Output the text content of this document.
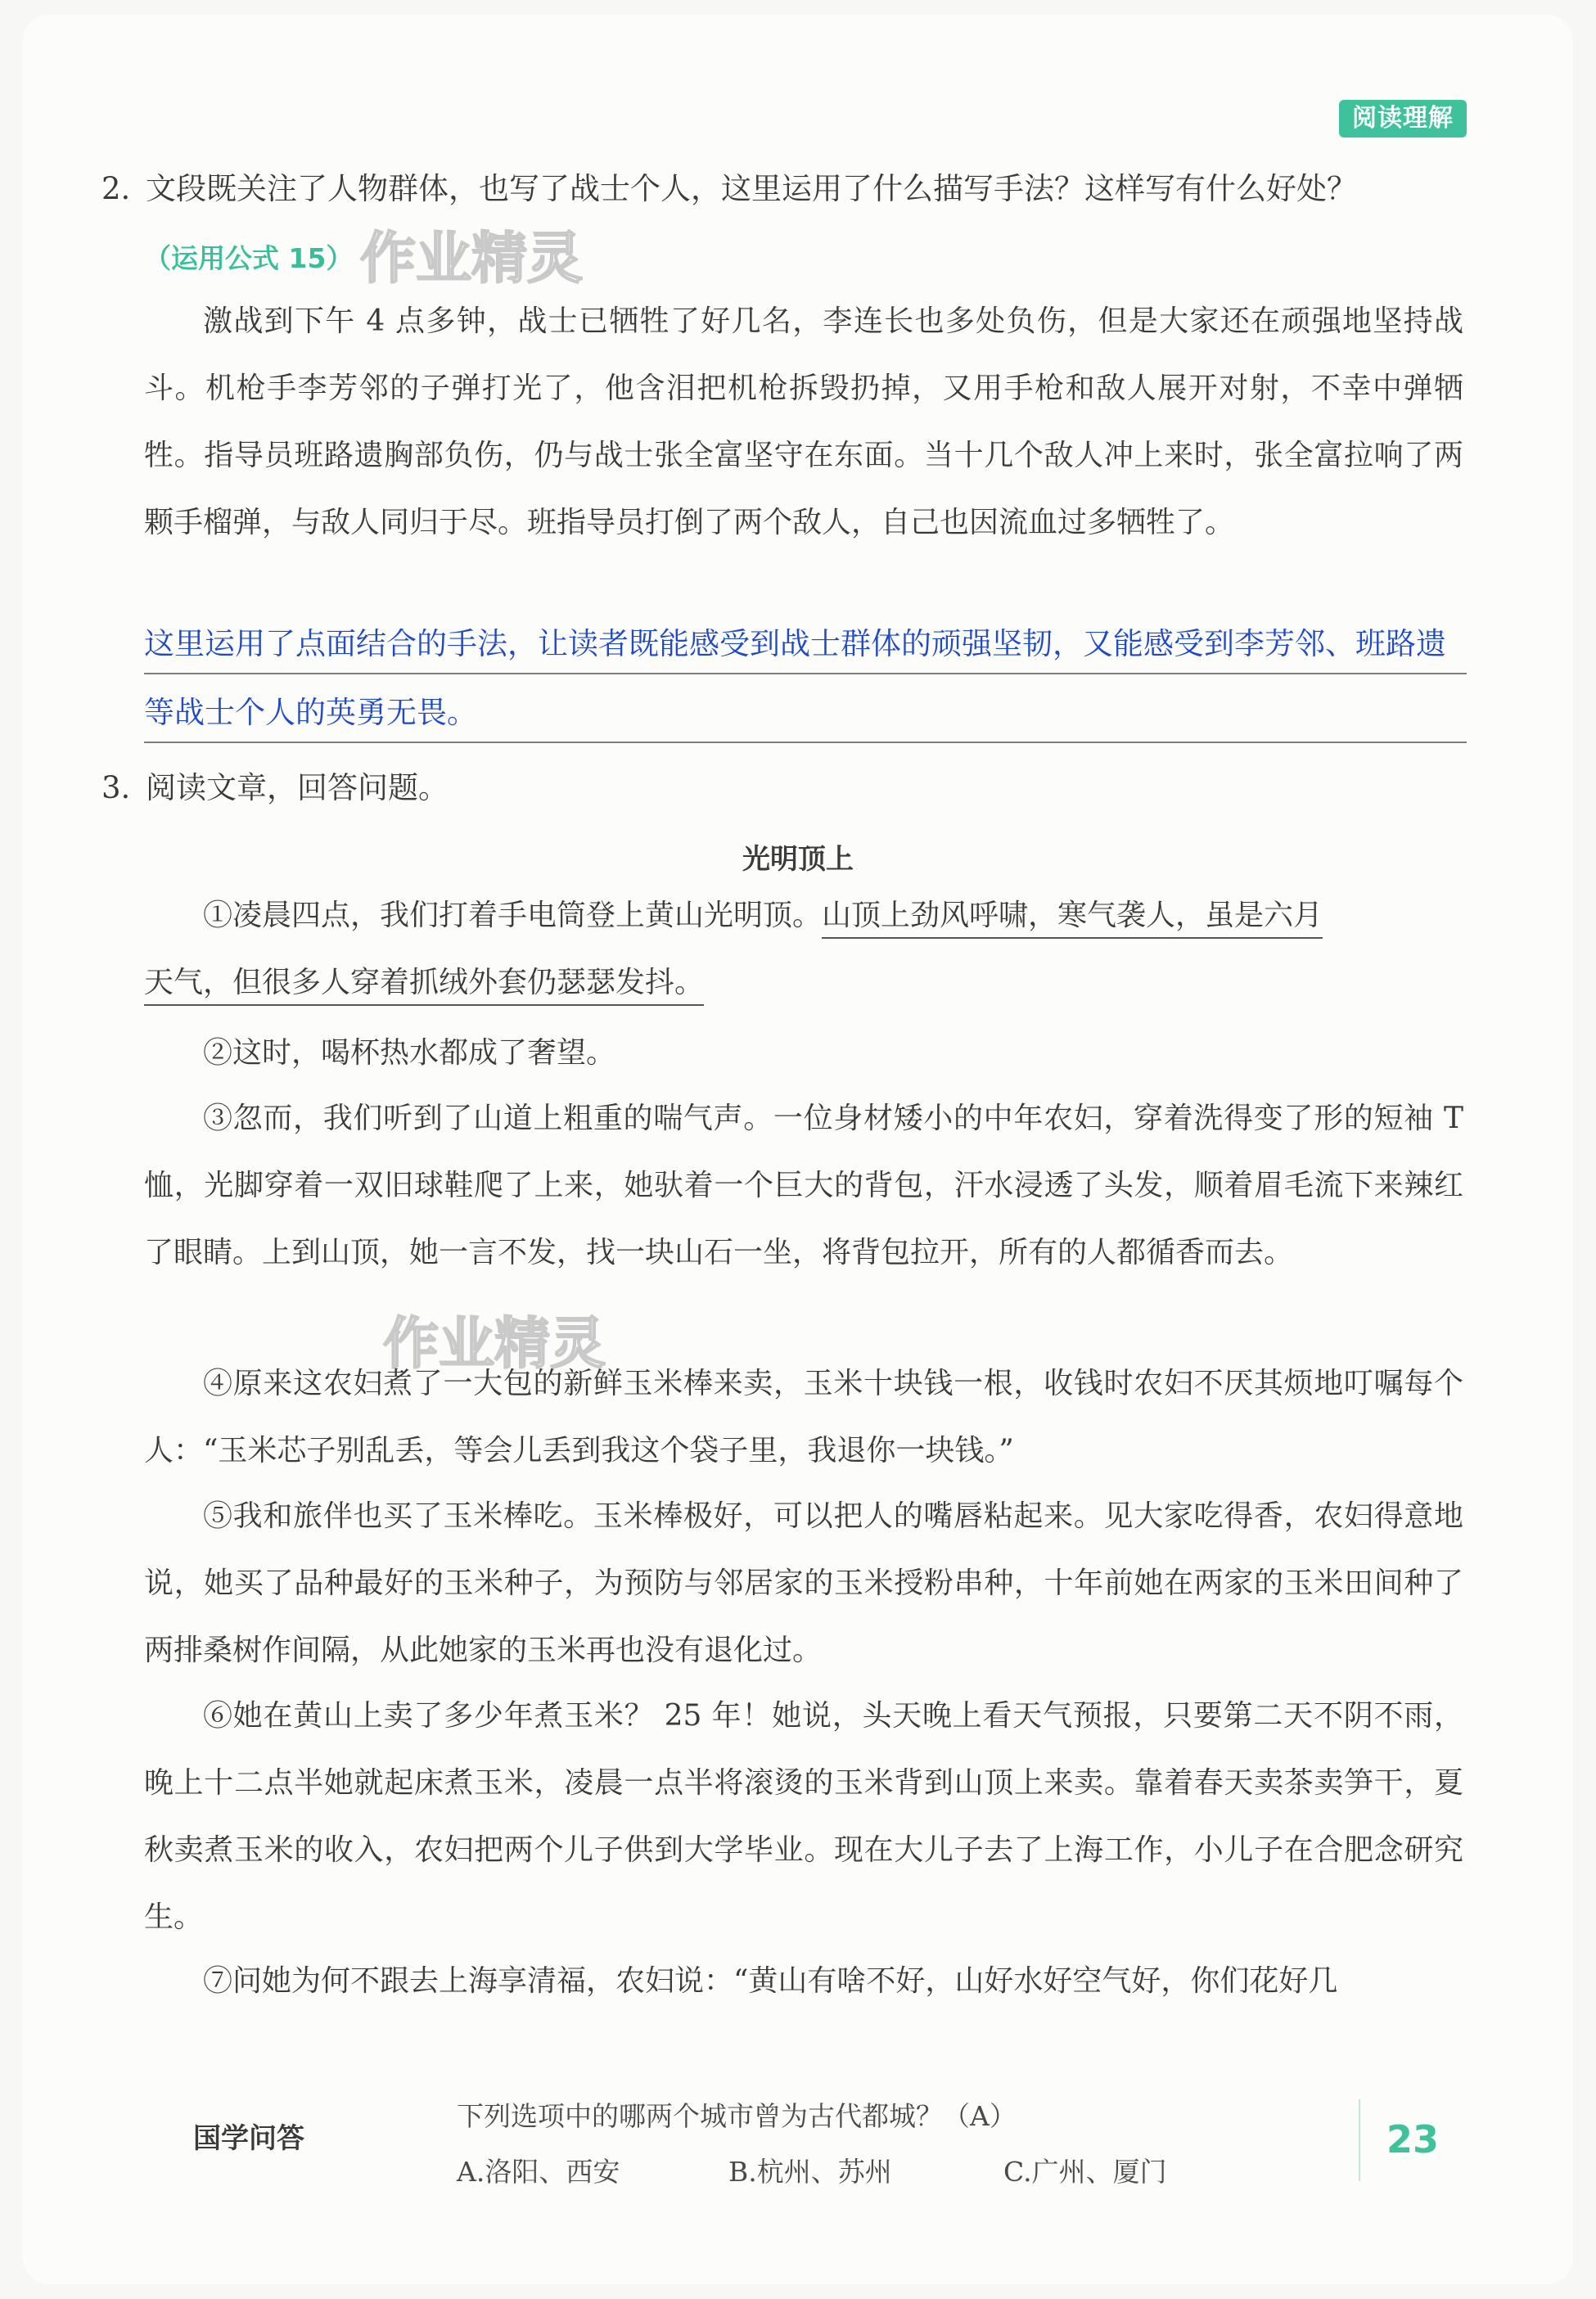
阅读理解
2. 文段既关注了人物群体，也写了战士个人，这里运用了什么描写手法？这样写有什么好处？
（运用公式 15） 作业精灵
激战到下午 4 点多钟，战士已牺牲了好几名，李连长也多处负伤，但是大家还在顽强地坚持战斗。机枪手李芳邻的子弹打光了，他含泪把机枪拆毁扔掉，又用手枪和敌人展开对射，不幸中弹牺牲。指导员班路遗胸部负伤，仍与战士张全富坚守在东面。当十几个敌人冲上来时，张全富拉响了两颗手榴弹，与敌人同归于尽。班指导员打倒了两个敌人，自己也因流血过多牺牲了。
这里运用了点面结合的手法，让读者既能感受到战士群体的顽强坚韧，又能感受到李芳邻、班路遗
等战士个人的英勇无畏。
3. 阅读文章，回答问题。
光明顶上
①凌晨四点，我们打着手电筒登上黄山光明顶。山顶上劲风呼啸，寒气袭人，虽是六月
天气，但很多人穿着抓绒外套仍瑟瑟发抖。
②这时，喝杯热水都成了奢望。
③忽而，我们听到了山道上粗重的喘气声。一位身材矮小的中年农妇，穿着洗得变了形的短袖 T 恤，光脚穿着一双旧球鞋爬了上来，她驮着一个巨大的背包，汗水浸透了头发，顺着眉毛流下来辣红了眼睛。上到山顶，她一言不发，找一块山石一坐，将背包拉开，所有的人都循香而去。
作业精灵
④原来这农妇煮了一大包的新鲜玉米棒来卖，玉米十块钱一根，收钱时农妇不厌其烦地叮嘱每个人：“玉米芯子别乱丢，等会儿丢到我这个袋子里，我退你一块钱。”
⑤我和旅伴也买了玉米棒吃。玉米棒极好，可以把人的嘴唇粘起来。见大家吃得香，农妇得意地说，她买了品种最好的玉米种子，为预防与邻居家的玉米授粉串种，十年前她在两家的玉米田间种了两排桑树作间隔，从此她家的玉米再也没有退化过。
⑥她在黄山上卖了多少年煮玉米？ 25 年！她说，头天晚上看天气预报，只要第二天不阴不雨，晚上十二点半她就起床煮玉米，凌晨一点半将滚烫的玉米背到山顶上来卖。靠着春天卖茶卖笋干，夏秋卖煮玉米的收入，农妇把两个儿子供到大学毕业。现在大儿子去了上海工作，小儿子在合肥念研究生。
⑦问她为何不跟去上海享清福，农妇说：“黄山有啥不好，山好水好空气好，你们花好几
国学问答
下列选项中的哪两个城市曾为古代都城？（A）
A.洛阳、西安	B.杭州、苏州	C.广州、厦门
23
